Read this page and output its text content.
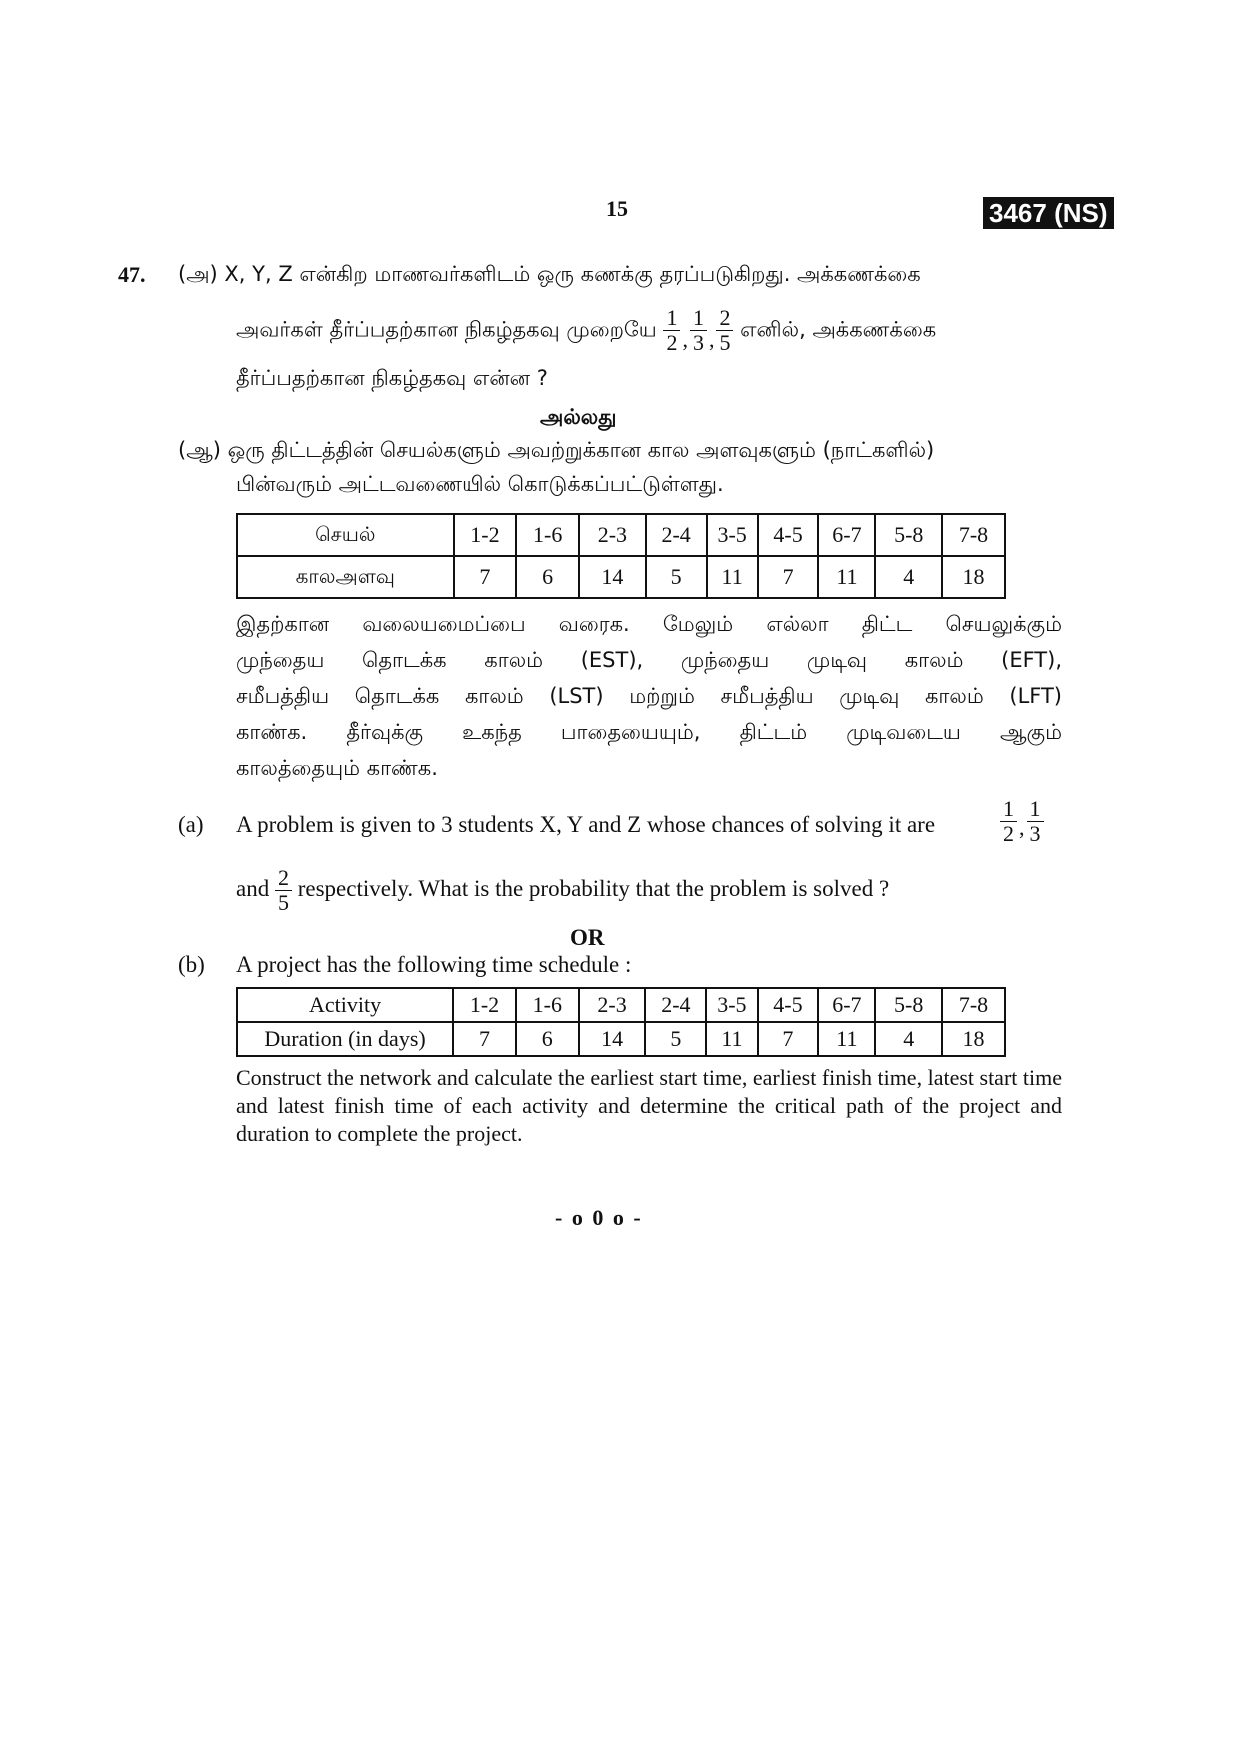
15	3467 (NS)
47. (அ) X, Y, Z என்கிற மாணவர்களிடம் ஒரு கணக்கு தரப்படுகிறது. அக்கணக்கை
அவர்கள் தீர்ப்பதற்கான நிகழ்தகவு முறையே $\frac{1}{2}$ , $\frac{1}{3}$ , $\frac{2}{5}$ எனில், அக்கணக்கை
தீர்ப்பதற்கான நிகழ்தகவு என்ன ?
அல்லது
(ஆ) ஒரு திட்டத்தின் செயல்களும் அவற்றுக்கான கால அளவுகளும் (நாட்களில்)
பின்வரும் அட்டவணையில் கொடுக்கப்பட்டுள்ளது.
செயல்	1-2	1-6	2-3	2-4	3-5	4-5	6-7	5-8	7-8
காலஅளவு	7	6	14	5	11	7	11	4	18
இதற்கான வலையமைப்பை வரைக. மேலும் எல்லா திட்ட செயலுக்கும்
முந்தைய தொடக்க காலம் (EST), முந்தைய முடிவு காலம் (EFT),
சமீபத்திய தொடக்க காலம் (LST) மற்றும் சமீபத்திய முடிவு காலம் (LFT)
காண்க. தீர்வுக்கு உகந்த பாதையையும், திட்டம் முடிவடைய ஆகும்
காலத்தையும் காண்க.
(a) A problem is given to 3 students X, Y and Z whose chances of solving it are	$\frac{1}{2}$ , $\frac{1}{3}$
and $\frac{2}{5}$ respectively. What is the probability that the problem is solved ?
OR
(b) A project has the following time schedule :
Activity	1-2	1-6	2-3	2-4	3-5	4-5	6-7	5-8	7-8
Duration (in days)	7	6	14	5	11	7	11	4	18
Construct the network and calculate the earliest start time, earliest finish time, latest start time and latest finish time of each activity and determine the critical path of the project and duration to complete the project.
- o 0 o -
